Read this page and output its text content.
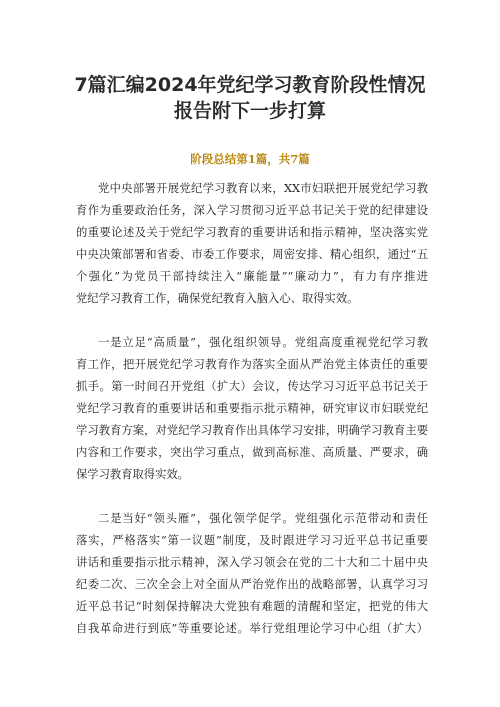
7篇汇编2024年党纪学习教育阶段性情况
报告附下一步打算
阶段总结第1篇，共7篇
党中央部署开展党纪学习教育以来，XX市妇联把开展党纪学习教
育作为重要政治任务，深入学习贯彻习近平总书记关于党的纪律建设
的重要论述及关于党纪学习教育的重要讲话和指示精神，坚决落实党
中央决策部署和省委、市委工作要求，周密安排、精心组织，通过“五
个强化”为党员干部持续注入“廉能量”“廉动力”，有力有序推进
党纪学习教育工作，确保党纪教育入脑入心、取得实效。
一是立足“高质量”，强化组织领导。党组高度重视党纪学习教
育工作，把开展党纪学习教育作为落实全面从严治党主体责任的重要
抓手。第一时间召开党组（扩大）会议，传达学习习近平总书记关于
党纪学习教育的重要讲话和重要指示批示精神，研究审议市妇联党纪
学习教育方案，对党纪学习教育作出具体学习安排，明确学习教育主要
内容和工作要求，突出学习重点，做到高标准、高质量、严要求，确
保学习教育取得实效。
二是当好“领头雁”，强化领学促学。党组强化示范带动和责任
落实，严格落实“第一议题”制度，及时跟进学习习近平总书记重要
讲话和重要指示批示精神，深入学习领会在党的二十大和二十届中央
纪委二次、三次全会上对全面从严治党作出的战略部署，认真学习习
近平总书记“时刻保持解决大党独有难题的清醒和坚定，把党的伟大
自我革命进行到底”等重要论述。举行党组理论学习中心组（扩大）
